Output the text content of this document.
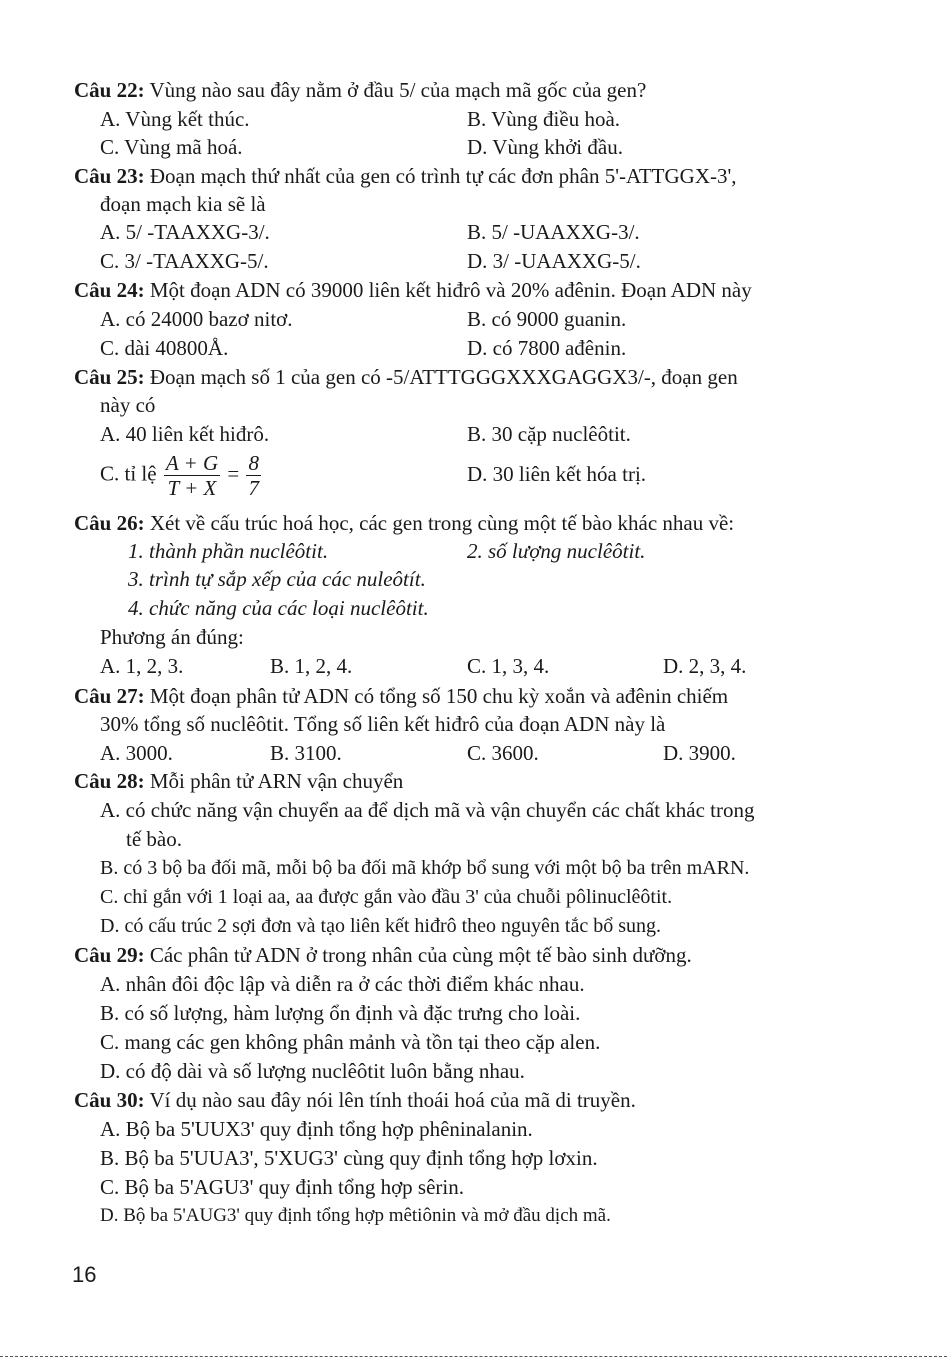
Câu 22: Vùng nào sau đây nằm ở đầu 5/ của mạch mã gốc của gen?
A. Vùng kết thúc.	B. Vùng điều hoà.
C. Vùng mã hoá.	D. Vùng khởi đầu.
Câu 23: Đoạn mạch thứ nhất của gen có trình tự các đơn phân 5'-ATTGGX-3',
đoạn mạch kia sẽ là
A. 5/ -TAAXXG-3/.	B. 5/ -UAAXXG-3/.
C. 3/ -TAAXXG-5/.	D. 3/ -UAAXXG-5/.
Câu 24: Một đoạn ADN có 39000 liên kết hiđrô và 20% ađênin. Đoạn ADN này
A. có 24000 bazơ nitơ.	B. có 9000 guanin.
C. dài 40800Å.	D. có 7800 ađênin.
Câu 25: Đoạn mạch số 1 của gen có -5/ATTTGGGXXXGAGGX3/-, đoạn gen
này có
A. 40 liên kết hiđrô.	B. 30 cặp nuclêôtit.
C. tỉ lệ $\frac{A + G}{T + X} = \frac{8}{7}$	D. 30 liên kết hóa trị.
Câu 26: Xét về cấu trúc hoá học, các gen trong cùng một tế bào khác nhau về:
1. thành phần nuclêôtit.	2. số lượng nuclêôtit.
3. trình tự sắp xếp của các nuleôtít.
4. chức năng của các loại nuclêôtit.
Phương án đúng:
A. 1, 2, 3.	B. 1, 2, 4.	C. 1, 3, 4.	D. 2, 3, 4.
Câu 27: Một đoạn phân tử ADN có tổng số 150 chu kỳ xoắn và ađênin chiếm
30% tổng số nuclêôtit. Tổng số liên kết hiđrô của đoạn ADN này là
A. 3000.	B. 3100.	C. 3600.	D. 3900.
Câu 28: Mỗi phân tử ARN vận chuyển
A. có chức năng vận chuyển aa để dịch mã và vận chuyển các chất khác trong
tế bào.
B. có 3 bộ ba đối mã, mỗi bộ ba đối mã khớp bổ sung với một bộ ba trên mARN.
C. chỉ gắn với 1 loại aa, aa được gắn vào đầu 3' của chuỗi pôlinuclêôtit.
D. có cấu trúc 2 sợi đơn và tạo liên kết hiđrô theo nguyên tắc bổ sung.
Câu 29: Các phân tử ADN ở trong nhân của cùng một tế bào sinh dưỡng.
A. nhân đôi độc lập và diễn ra ở các thời điểm khác nhau.
B. có số lượng, hàm lượng ổn định và đặc trưng cho loài.
C. mang các gen không phân mảnh và tồn tại theo cặp alen.
D. có độ dài và số lượng nuclêôtit luôn bằng nhau.
Câu 30: Ví dụ nào sau đây nói lên tính thoái hoá của mã di truyền.
A. Bộ ba 5'UUX3' quy định tổng hợp phêninalanin.
B. Bộ ba 5'UUA3', 5'XUG3' cùng quy định tổng hợp lơxin.
C. Bộ ba 5'AGU3' quy định tổng hợp sêrin.
D. Bộ ba 5'AUG3' quy định tổng hợp mêtiônin và mở đầu dịch mã.
16
